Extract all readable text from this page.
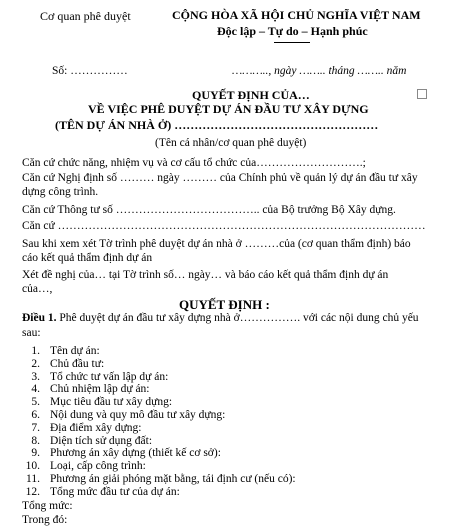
Cơ quan phê duyệt	CỘNG HÒA XÃ HỘI CHỦ NGHĨA VIỆT NAM
Độc lập – Tự do – Hạnh phúc
Số: ……………	……….., ngày …….. tháng …….. năm
QUYẾT ĐỊNH CỦA…
VỀ VIỆC PHÊ DUYỆT DỰ ÁN ĐẦU TƯ XÂY DỰNG
(TÊN DỰ ÁN NHÀ Ở) ……………………………………………
(Tên cá nhân/cơ quan phê duyệt)
Căn cứ chức năng, nhiệm vụ và cơ cấu tổ chức của……………………….;
Căn cứ Nghị định số ……… ngày ……… của Chính phủ về quản lý dự án đầu tư xây
dựng công trình.
Căn cứ Thông tư số ……………………………….. của Bộ trưởng Bộ Xây dựng.
Căn cứ ……………………………………………………………………………………
Sau khi xem xét Tờ trình phê duyệt dự án nhà ở ………của (cơ quan thẩm định) báo
cáo kết quả thẩm định dự án
Xét đề nghị của… tại Tờ trình số… ngày… và báo cáo kết quả thẩm định dự án
của…,
QUYẾT ĐỊNH :
Điều 1. Phê duyệt dự án đầu tư xây dựng nhà ở……………. với các nội dung chủ yếu
sau:
1. Tên dự án:
2. Chủ đầu tư:
3. Tổ chức tư vấn lập dự án:
4. Chủ nhiệm lập dự án:
5. Mục tiêu đầu tư xây dựng:
6. Nội dung và quy mô đầu tư xây dựng:
7. Địa điểm xây dựng:
8. Diện tích sử dụng đất:
9. Phương án xây dựng (thiết kế cơ sở):
10. Loại, cấp công trình:
11. Phương án giải phóng mặt bằng, tái định cư (nếu có):
12. Tổng mức đầu tư của dự án:
Tổng mức:
Trong đó:
